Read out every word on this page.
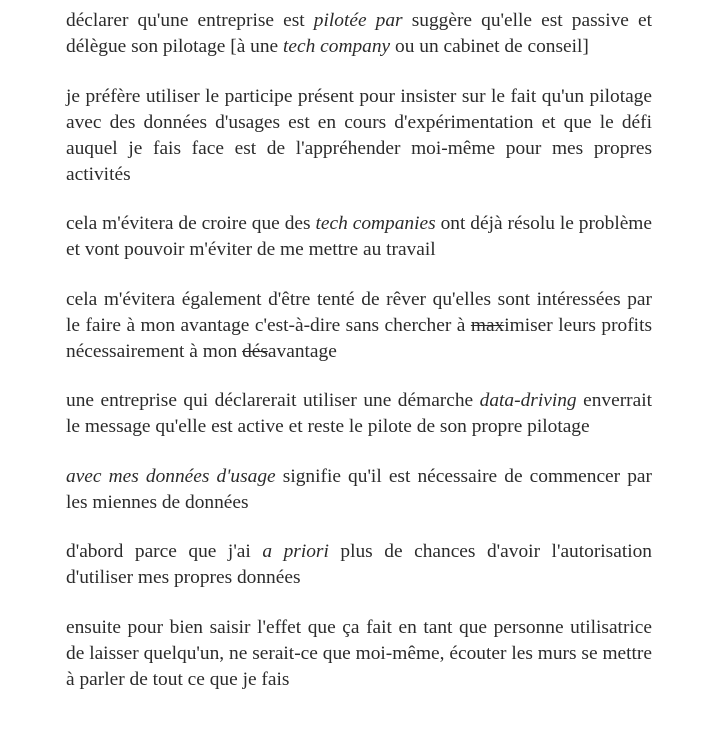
déclarer qu'une entreprise est pilotée par suggère qu'elle est passive et délègue son pilotage [à une tech company ou un cabinet de conseil]

je préfère utiliser le participe présent pour insister sur le fait qu'un pilotage avec des données d'usages est en cours d'expérimentation et que le défi auquel je fais face est de l'appréhender moi-même pour mes propres activités

cela m'évitera de croire que des tech companies ont déjà résolu le problème et vont pouvoir m'éviter de me mettre au travail

cela m'évitera également d'être tenté de rêver qu'elles sont intéressées par le faire à mon avantage c'est-à-dire sans chercher à maximiser leurs profits nécessairement à mon désavantage

une entreprise qui déclarerait utiliser une démarche data-driving enverrait le message qu'elle est active et reste le pilote de son propre pilotage

avec mes données d'usage signifie qu'il est nécessaire de commencer par les miennes de données

d'abord parce que j'ai a priori plus de chances d'avoir l'autorisation d'utiliser mes propres données

ensuite pour bien saisir l'effet que ça fait en tant que personne utilisatrice de laisser quelqu'un, ne serait-ce que moi-même, écouter les murs se mettre à parler de tout ce que je fais
